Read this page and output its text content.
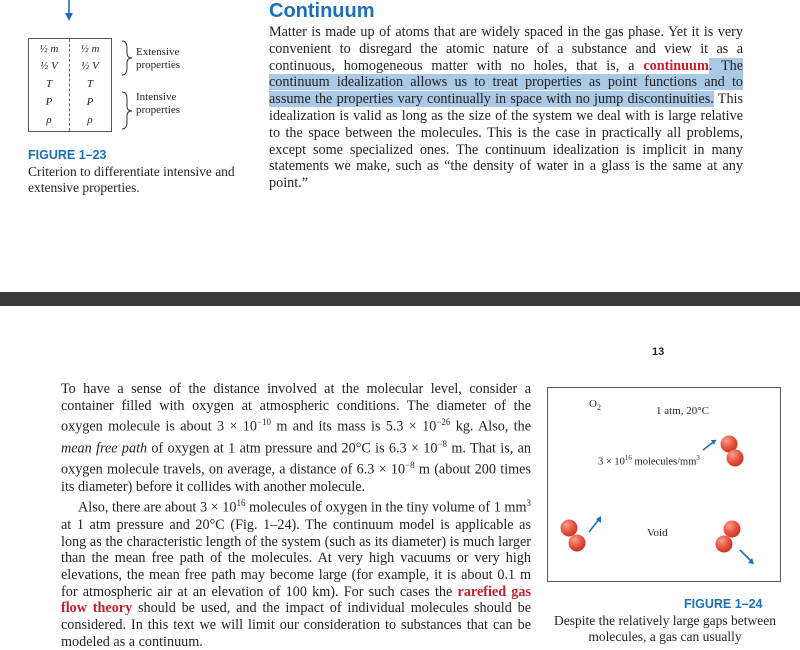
½ m
½ V
T
P
ρ
½ m
½ V
T
P
ρ
Extensive properties
Intensive properties
FIGURE 1–23
Criterion to differentiate intensive and extensive properties.
Continuum
Matter is made up of atoms that are widely spaced in the gas phase. Yet it is very convenient to disregard the atomic nature of a substance and view it as a continuous, homogeneous matter with no holes, that is, a continuum. The continuum idealization allows us to treat properties as point functions and to assume the properties vary continually in space with no jump discontinuities. This idealization is valid as long as the size of the system we deal with is large relative to the space between the molecules. This is the case in practically all problems, except some specialized ones. The continuum idealization is implicit in many statements we make, such as “the density of water in a glass is the same at any point.”
13

To have a sense of the distance involved at the molecular level, consider a container filled with oxygen at atmospheric conditions. The diameter of the oxygen molecule is about $3 \times 10^{-10}$ m and its mass is $5.3 \times 10^{-26}$ kg. Also, the mean free path of oxygen at 1 atm pressure and 20°C is $6.3 \times 10^{-8}$ m. That is, an oxygen molecule travels, on average, a distance of $6.3 \times 10^{-8}$ m (about 200 times its diameter) before it collides with another molecule.

Also, there are about $3 \times 10^{16}$ molecules of oxygen in the tiny volume of 1 $mm^3$ at 1 atm pressure and 20°C (Fig. 1–24). The continuum model is applicable as long as the characteristic length of the system (such as its diameter) is much larger than the mean free path of the molecules. At very high vacuums or very high elevations, the mean free path may become large (for example, it is about 0.1 m for atmospheric air at an elevation of 100 km). For such cases the rarefied gas flow theory should be used, and the impact of individual molecules should be considered. In this text we will limit our consideration to substances that can be modeled as a continuum.

$O_2$	1 atm, 20°C
$3 \times 10^{16}$ molecules/$mm^3$
Void
FIGURE 1–24
Despite the relatively large gaps between molecules, a gas can usually
